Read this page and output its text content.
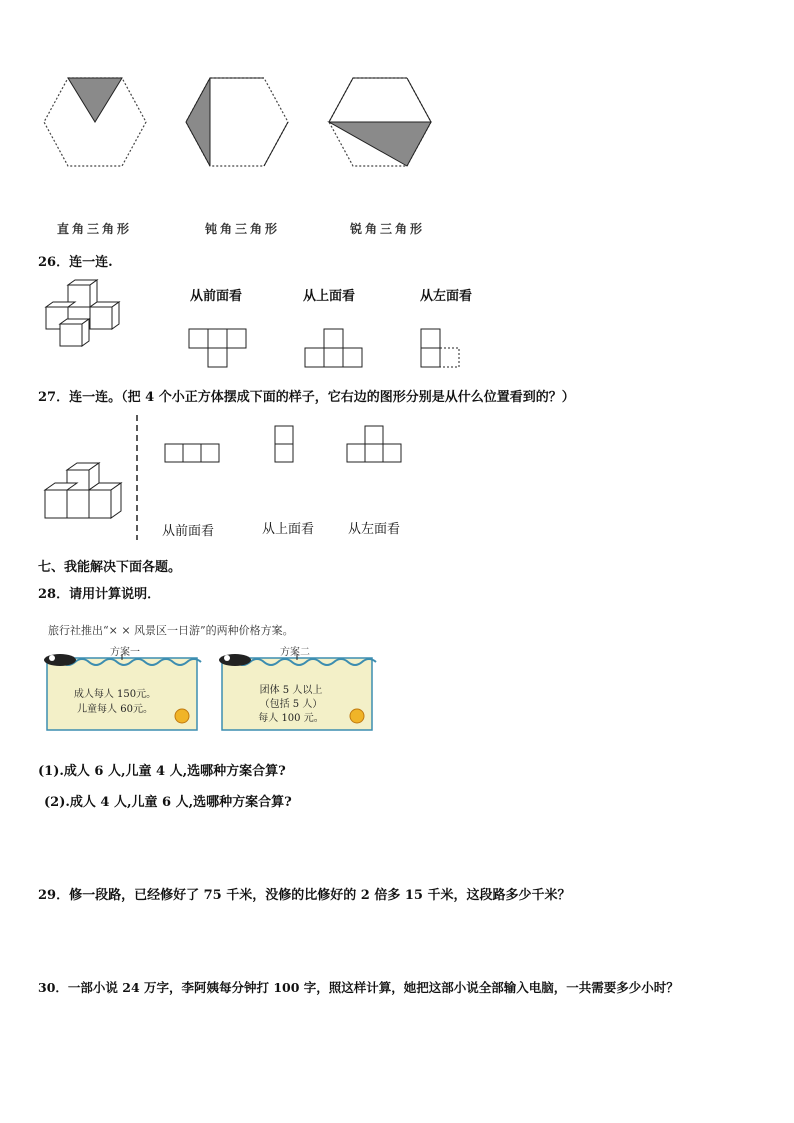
直角三角形	钝角三角形	锐角三角形
26．连一连.
从前面看	从上面看	从左面看
27．连一连。（把 4 个小正方体摆成下面的样子，它右边的图形分别是从什么位置看到的？）
从前面看	从上面看	从左面看
七、我能解决下面各题。
28．请用计算说明．
旅行社推出“× × 风景区一日游”的两种价格方案。
方案一
成人每人 150元。
儿童每人 60元。
方案二
团体 5 人以上
（包括 5 人）
每人 100 元。
(1).成人 6 人,儿童 4 人,选哪种方案合算?
(2).成人 4 人,儿童 6 人,选哪种方案合算?
29．修一段路，已经修好了 75 千米，没修的比修好的 2 倍多 15 千米，这段路多少千米？
30．一部小说 24 万字，李阿姨每分钟打 100 字，照这样计算，她把这部小说全部输入电脑，一共需要多少小时？
